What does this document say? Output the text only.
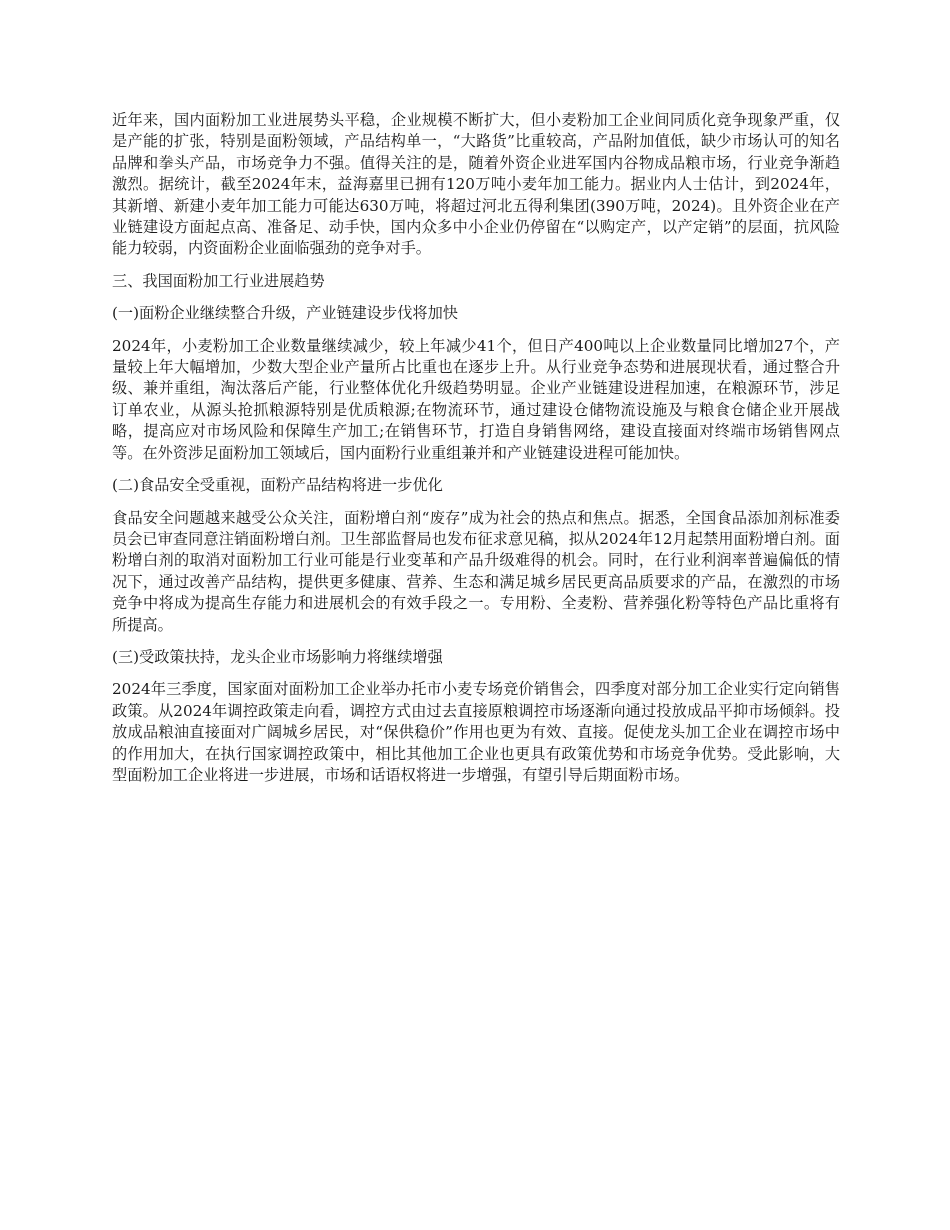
近年来，国内面粉加工业进展势头平稳，企业规模不断扩大，但小麦粉加工企业间同质化竞争现象严重，仅是产能的扩张，特别是面粉领域，产品结构单一，“大路货”比重较高，产品附加值低，缺少市场认可的知名品牌和拳头产品，市场竞争力不强。值得关注的是，随着外资企业进军国内谷物成品粮市场，行业竞争渐趋激烈。据统计，截至2024年末，益海嘉里已拥有120万吨小麦年加工能力。据业内人士估计，到2024年，其新增、新建小麦年加工能力可能达630万吨，将超过河北五得利集团(390万吨，2024)。且外资企业在产业链建设方面起点高、准备足、动手快，国内众多中小企业仍停留在“以购定产，以产定销”的层面，抗风险能力较弱，内资面粉企业面临强劲的竞争对手。

三、我国面粉加工行业进展趋势

(一)面粉企业继续整合升级，产业链建设步伐将加快

2024年，小麦粉加工企业数量继续减少，较上年减少41个，但日产400吨以上企业数量同比增加27个，产量较上年大幅增加，少数大型企业产量所占比重也在逐步上升。从行业竞争态势和进展现状看，通过整合升级、兼并重组，淘汰落后产能，行业整体优化升级趋势明显。企业产业链建设进程加速，在粮源环节，涉足订单农业，从源头抢抓粮源特别是优质粮源;在物流环节，通过建设仓储物流设施及与粮食仓储企业开展战略，提高应对市场风险和保障生产加工;在销售环节，打造自身销售网络，建设直接面对终端市场销售网点等。在外资涉足面粉加工领域后，国内面粉行业重组兼并和产业链建设进程可能加快。

(二)食品安全受重视，面粉产品结构将进一步优化

食品安全问题越来越受公众关注，面粉增白剂“废存”成为社会的热点和焦点。据悉，全国食品添加剂标准委员会已审查同意注销面粉增白剂。卫生部监督局也发布征求意见稿，拟从2024年12月起禁用面粉增白剂。面粉增白剂的取消对面粉加工行业可能是行业变革和产品升级难得的机会。同时，在行业利润率普遍偏低的情况下，通过改善产品结构，提供更多健康、营养、生态和满足城乡居民更高品质要求的产品，在激烈的市场竞争中将成为提高生存能力和进展机会的有效手段之一。专用粉、全麦粉、营养强化粉等特色产品比重将有所提高。

(三)受政策扶持，龙头企业市场影响力将继续增强

2024年三季度，国家面对面粉加工企业举办托市小麦专场竞价销售会，四季度对部分加工企业实行定向销售政策。从2024年调控政策走向看，调控方式由过去直接原粮调控市场逐渐向通过投放成品平抑市场倾斜。投放成品粮油直接面对广阔城乡居民，对“保供稳价”作用也更为有效、直接。促使龙头加工企业在调控市场中的作用加大，在执行国家调控政策中，相比其他加工企业也更具有政策优势和市场竞争优势。受此影响，大型面粉加工企业将进一步进展，市场和话语权将进一步增强，有望引导后期面粉市场。
